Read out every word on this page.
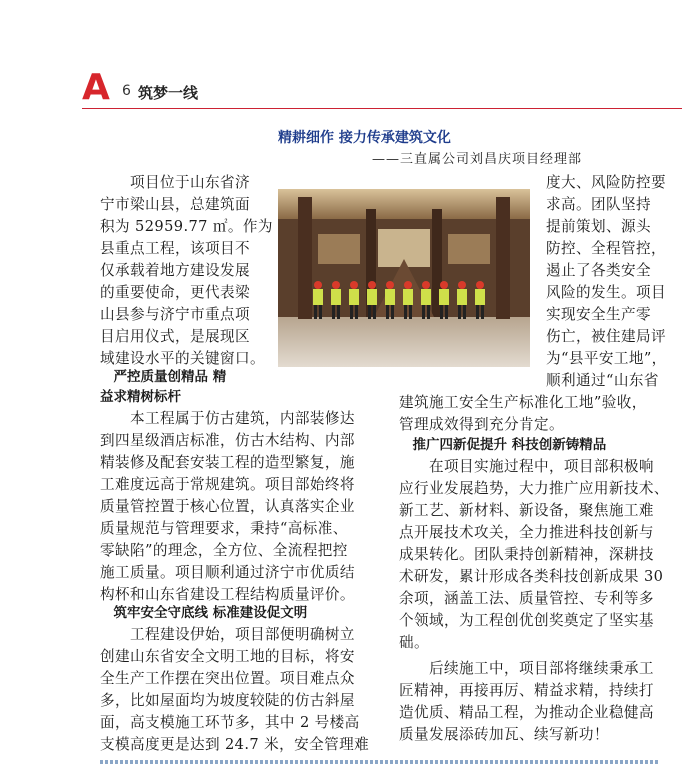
A 6 筑梦一线
精耕细作 接力传承建筑文化
——三直属公司刘昌庆项目经理部
　　项目位于山东省济
宁市梁山县，总建筑面
积为 52959.77 ㎡。作为
县重点工程，该项目不
仅承载着地方建设发展
的重要使命，更代表梁
山县参与济宁市重点项
目启用仪式，是展现区
域建设水平的关键窗口。
　严控质量创精品 精
益求精树标杆
　　本工程属于仿古建筑，内部装修达
到四星级酒店标准，仿古木结构、内部
精装修及配套安装工程的造型繁复，施
工难度远高于常规建筑。项目部始终将
质量管控置于核心位置，认真落实企业
质量规范与管理要求，秉持“高标准、
零缺陷”的理念，全方位、全流程把控
施工质量。项目顺利通过济宁市优质结
构杯和山东省建设工程结构质量评价。
　筑牢安全守底线 标准建设促文明
　　工程建设伊始，项目部便明确树立
创建山东省安全文明工地的目标，将安
全生产工作摆在突出位置。项目难点众
多，比如屋面均为坡度较陡的仿古斜屋
面，高支模施工环节多，其中 2 号楼高
支模高度更是达到 24.7 米，安全管理难
度大、风险防控要
求高。团队坚持
提前策划、源头
防控、全程管控，
遏止了各类安全
风险的发生。项目
实现安全生产零
伤亡，被住建局评
为“县平安工地”，
顺利通过“山东省
建筑施工安全生产标准化工地”验收，
管理成效得到充分肯定。
　推广四新促提升 科技创新铸精品
　　在项目实施过程中，项目部积极响
应行业发展趋势，大力推广应用新技术、
新工艺、新材料、新设备，聚焦施工难
点开展技术攻关，全力推进科技创新与
成果转化。团队秉持创新精神，深耕技
术研发，累计形成各类科技创新成果 30
余项，涵盖工法、质量管控、专利等多
个领域，为工程创优创奖奠定了坚实基
础。
　　后续施工中，项目部将继续秉承工
匠精神，再接再厉、精益求精，持续打
造优质、精品工程，为推动企业稳健高
质量发展添砖加瓦、续写新功！
